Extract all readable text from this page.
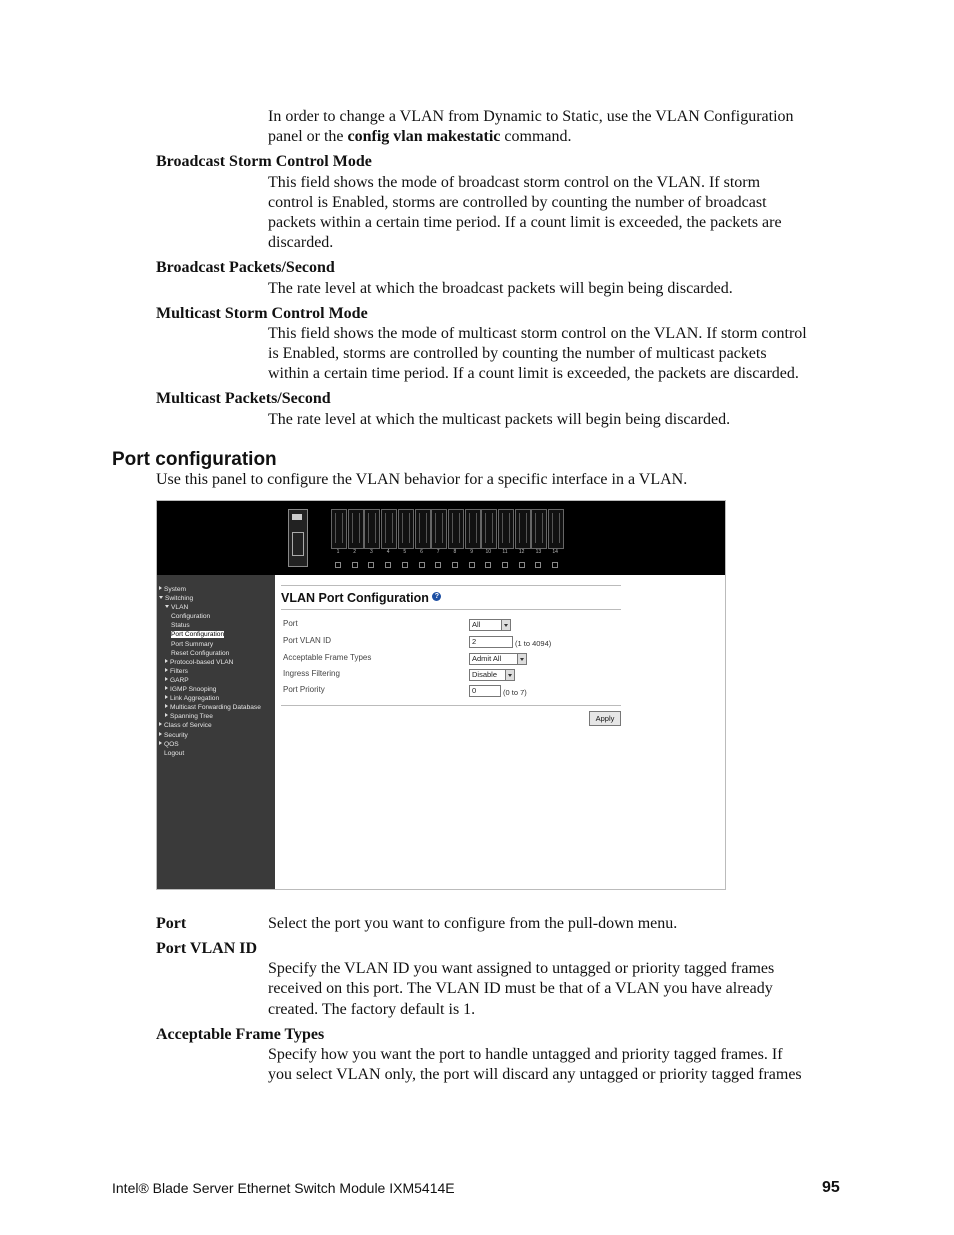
In order to change a VLAN from Dynamic to Static, use the VLAN Configuration

panel or the config vlan makestatic command.

Broadcast Storm Control Mode

This field shows the mode of broadcast storm control on the VLAN. If storm

control is Enabled, storms are controlled by counting the number of broadcast

packets within a certain time period. If a count limit is exceeded, the packets are

discarded.

Broadcast Packets/Second

The rate level at which the broadcast packets will begin being discarded.

Multicast Storm Control Mode

This field shows the mode of multicast storm control on the VLAN. If storm control

is Enabled, storms are controlled by counting the number of multicast packets

within a certain time period. If a count limit is exceeded, the packets are discarded.

Multicast Packets/Second

The rate level at which the multicast packets will begin being discarded.

Port configuration

Use this panel to configure the VLAN behavior for a specific interface in a VLAN.

1	2	3	4	5	6	7	8	9	10	11	12	13	14
System
Switching
VLAN
Configuration
Status
Port Configuration
Port Summary
Reset Configuration
Protocol-based VLAN
Filters
GARP
IGMP Snooping
Link Aggregation
Multicast Forwarding Database
Spanning Tree
Class of Service
Security
QOS
Logout
VLAN Port Configuration ?
Port	All
Port VLAN ID	2	(1 to 4094)
Acceptable Frame Types	Admit All
Ingress Filtering	Disable
Port Priority	0	(0 to 7)
Apply
Port	Select the port you want to configure from the pull-down menu.

Port VLAN ID

Specify the VLAN ID you want assigned to untagged or priority tagged frames

received on this port. The VLAN ID must be that of a VLAN you have already

created. The factory default is 1.

Acceptable Frame Types

Specify how you want the port to handle untagged and priority tagged frames. If

you select VLAN only, the port will discard any untagged or priority tagged frames

Intel® Blade Server Ethernet Switch Module IXM5414E	95
